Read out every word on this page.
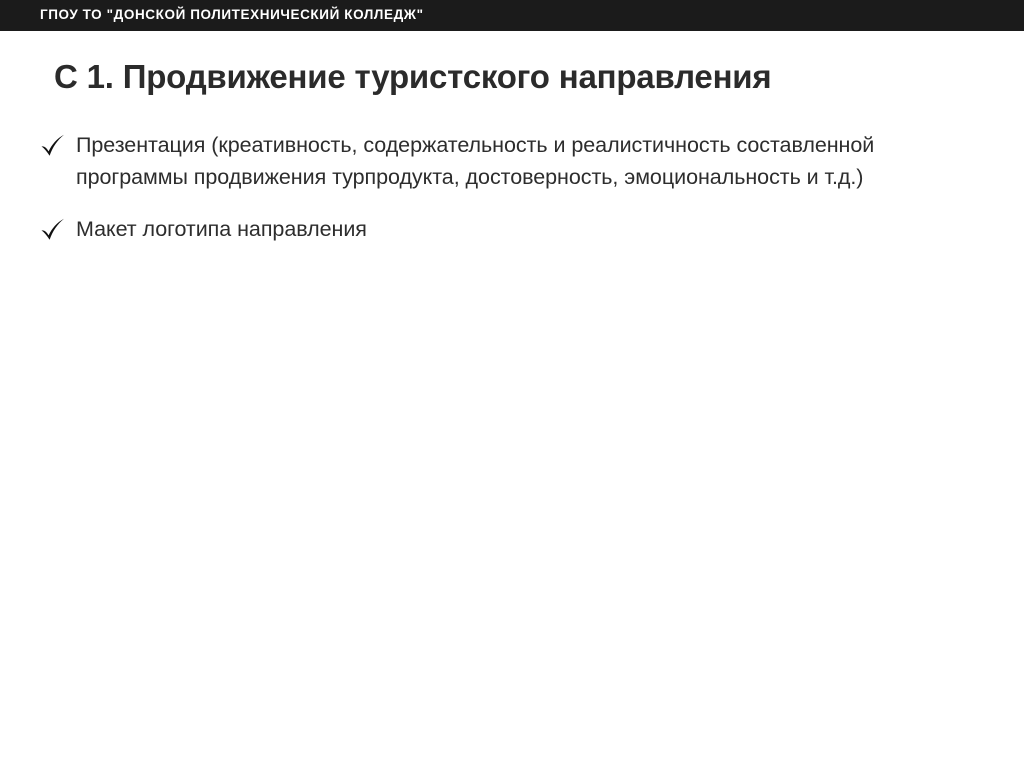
ГПОУ ТО "ДОНСКОЙ ПОЛИТЕХНИЧЕСКИЙ КОЛЛЕДЖ"
С 1. Продвижение туристского направления
Презентация (креативность, содержательность и реалистичность составленной программы продвижения турпродукта, достоверность, эмоциональность и т.д.)
Макет логотипа направления
